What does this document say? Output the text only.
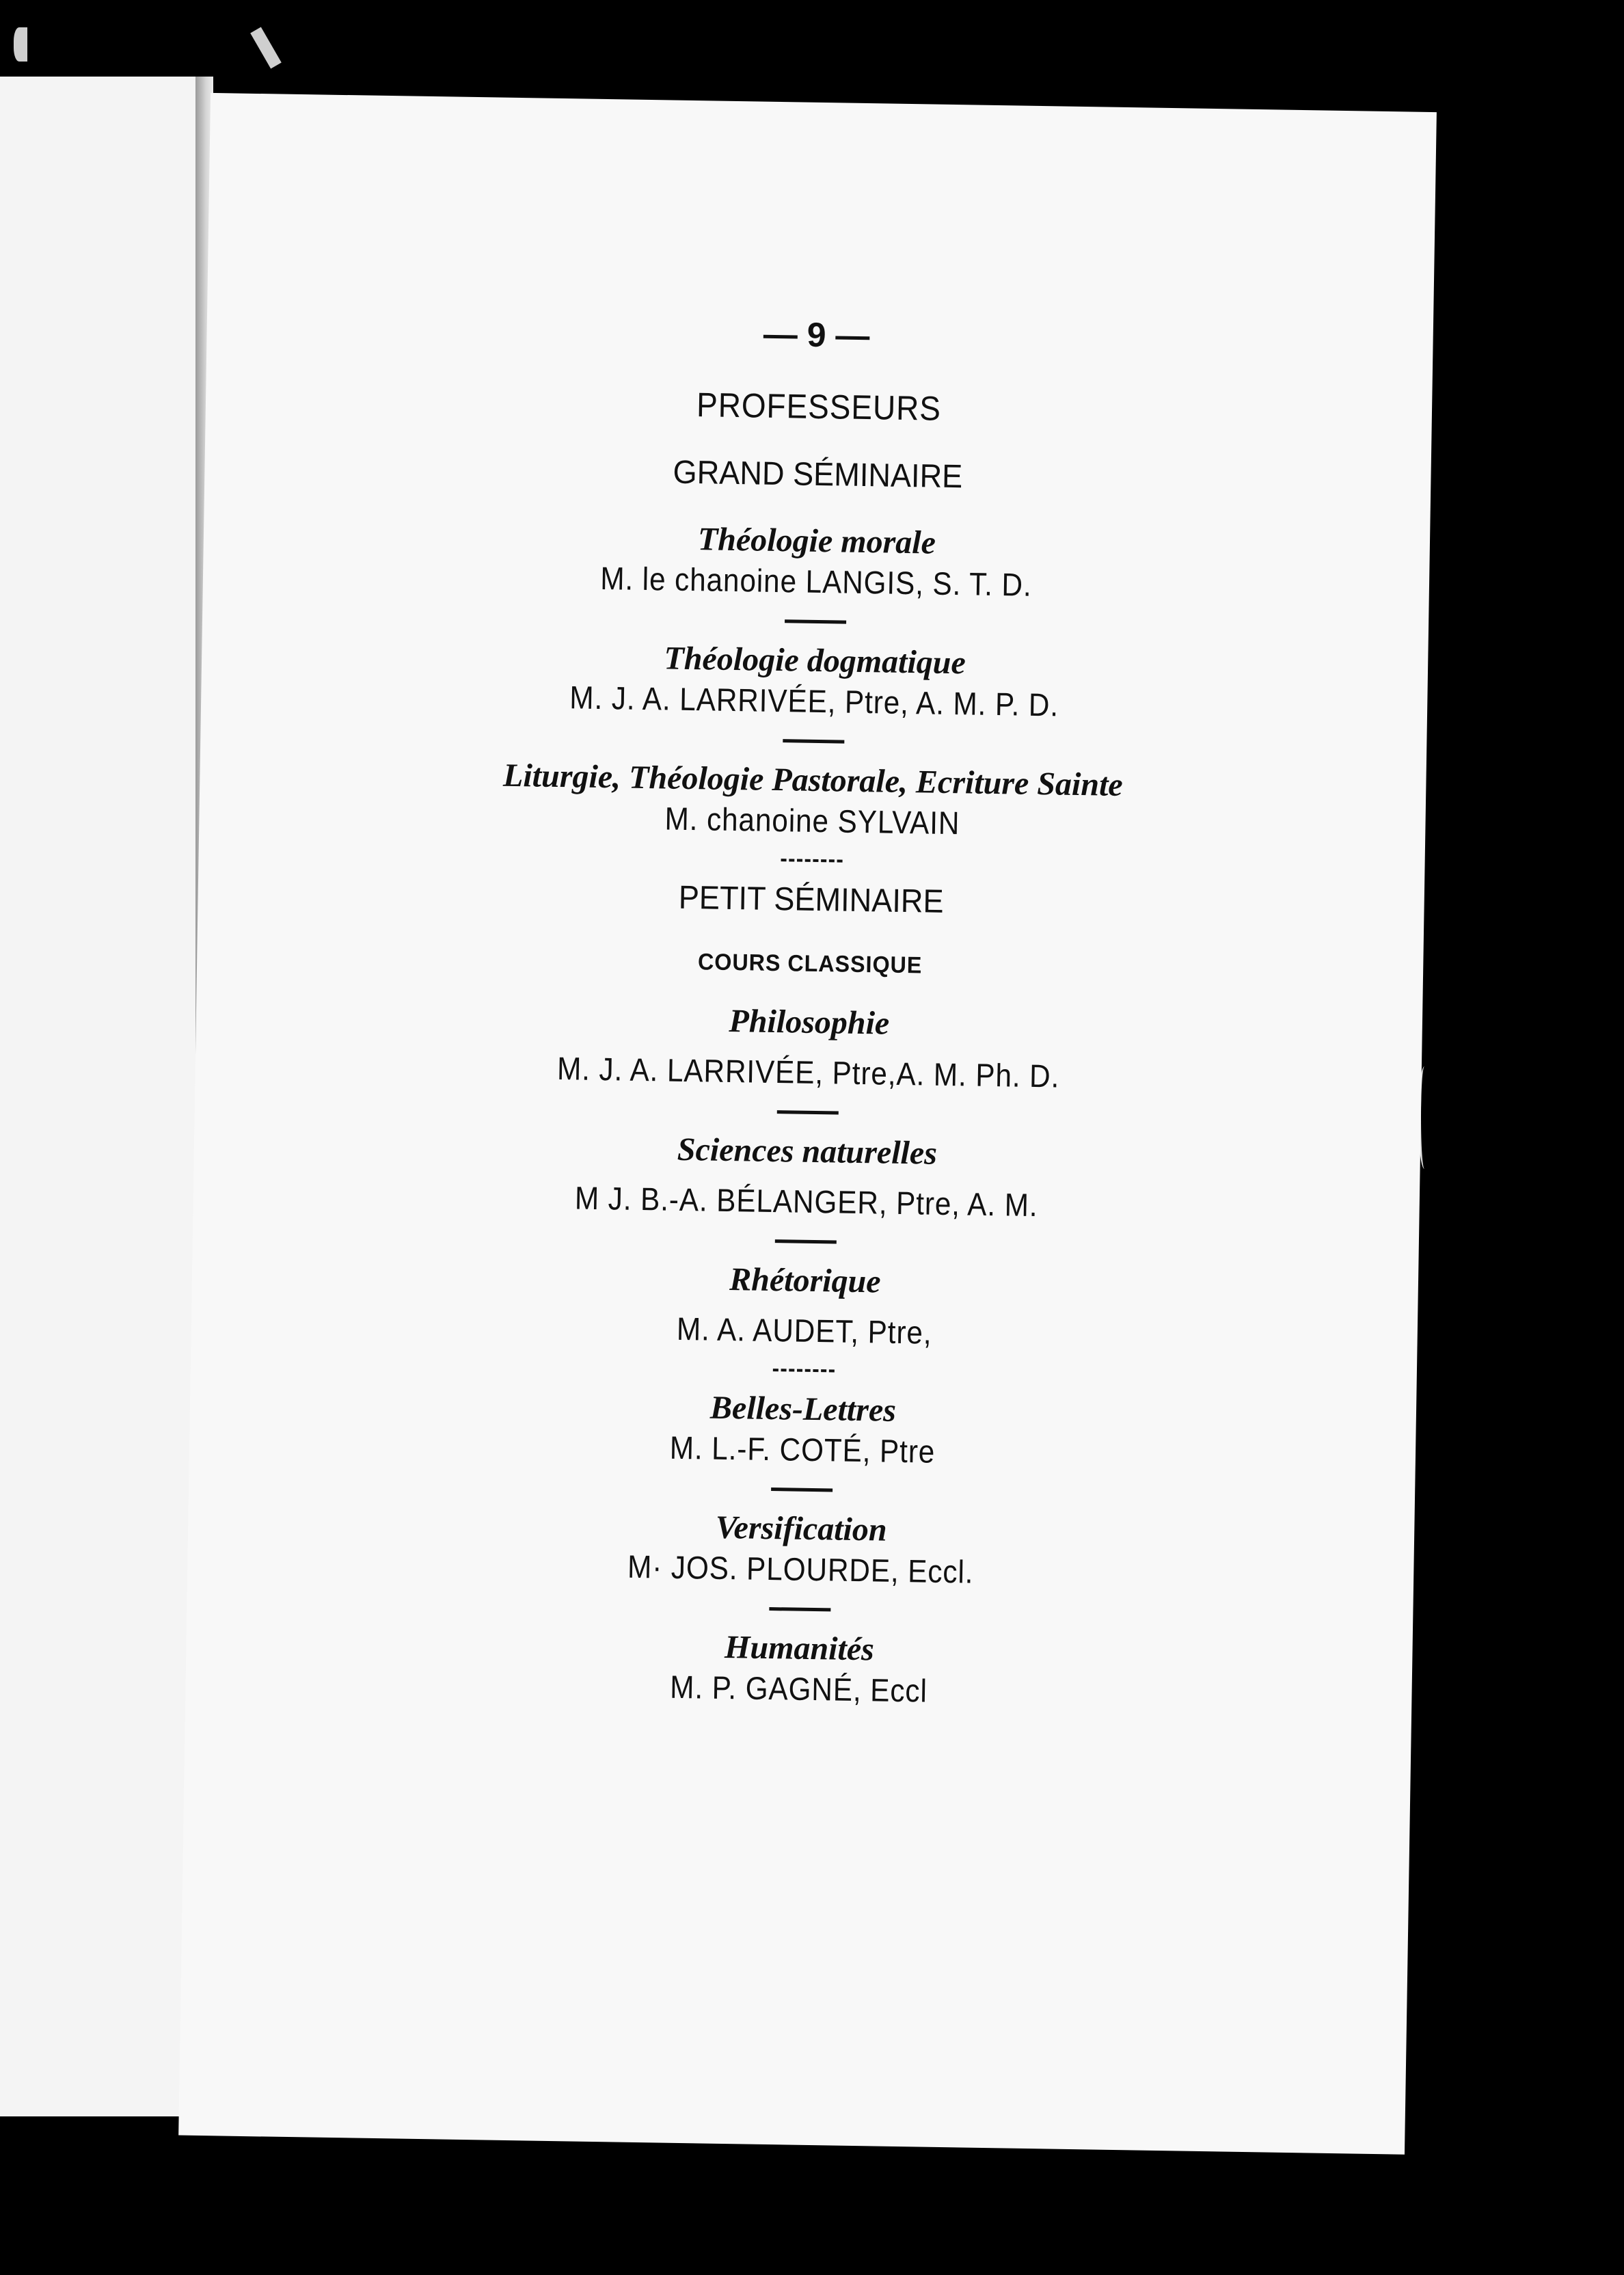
— 9 —
PROFESSEURS
GRAND SÉMINAIRE
Théologie morale
M. le chanoine LANGIS, S. T. D.
Théologie dogmatique
M. J. A. LARRIVÉE, Ptre, A. M. P. D.
Liturgie, Théologie Pastorale, Ecriture Sainte
M. chanoine SYLVAIN
PETIT SÉMINAIRE
COURS CLASSIQUE
Philosophie
M. J. A. LARRIVÉE, Ptre,A. M. Ph. D.
Sciences naturelles
M J. B.-A. BÉLANGER, Ptre, A. M.
Rhétorique
M. A. AUDET, Ptre,
Belles-Lettres
M. L.-F. COTÉ, Ptre
Versification
M· JOS. PLOURDE, Eccl.
Humanités
M. P. GAGNÉ, Eccl
